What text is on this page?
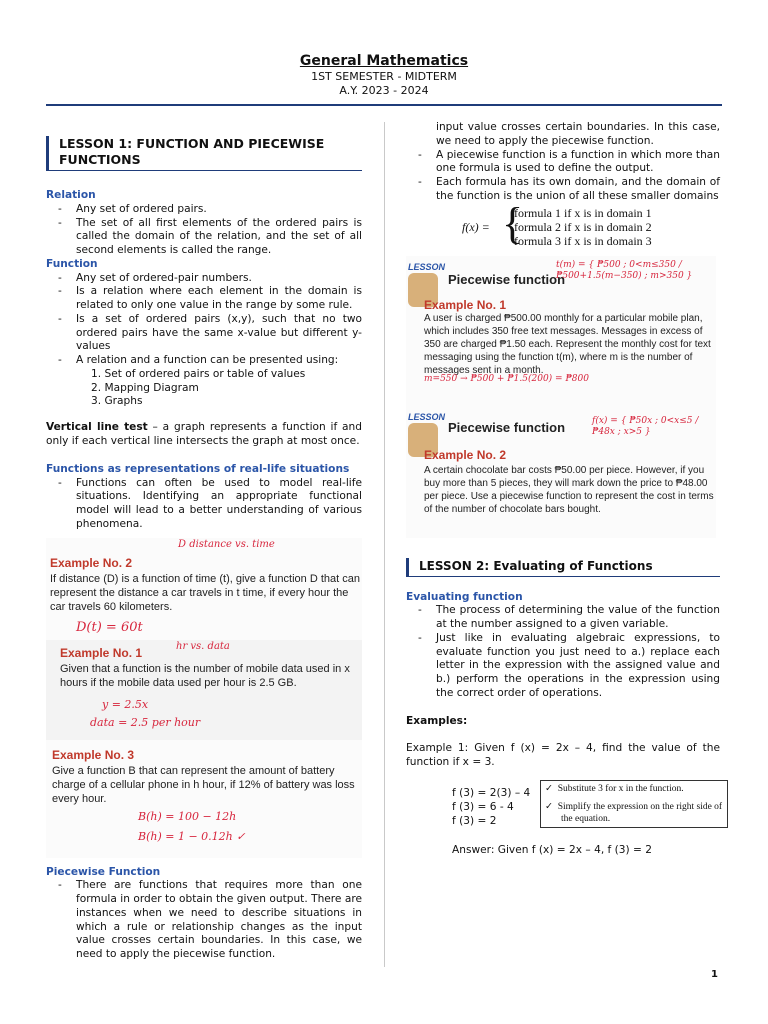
General Mathematics
1ST SEMESTER - MIDTERM
A.Y. 2023 - 2024
LESSON 1: FUNCTION AND PIECEWISE FUNCTIONS
Relation
- Any set of ordered pairs.
- The set of all first elements of the ordered pairs is called the domain of the relation, and the set of all second elements is called the range.
Function
- Any set of ordered-pair numbers.
- Is a relation where each element in the domain is related to only one value in the range by some rule.
- Is a set of ordered pairs (x,y), such that no two ordered pairs have the same x-value but different y-values
- A relation and a function can be presented using:
1. Set of ordered pairs or table of values
2. Mapping Diagram
3. Graphs

Vertical line test – a graph represents a function if and only if each vertical line intersects the graph at most once.

Functions as representations of real-life situations
- Functions can often be used to model real-life situations. Identifying an appropriate functional model will lead to a better understanding of various phenomena.
Example No. 2
D distance vs. time
If distance (D) is a function of time (t), give a function D that can represent the distance a car travels in t time, if every hour the car travels 60 kilometers.
D(t) = 60t
Example No. 1	hr vs. data
Given that a function is the number of mobile data used in x hours if the mobile data used per hour is 2.5 GB.
y = 2.5x
data = 2.5 per hour
Example No. 3
Give a function B that can represent the amount of battery charge of a cellular phone in h hour, if 12% of battery was loss every hour.
B(h) = 100 − 12h
B(h) = 1 − 0.12h ✓
Piecewise Function
- There are functions that requires more than one formula in order to obtain the given output. There are instances when we need to describe situations in which a rule or relationship changes as the input value crosses certain boundaries. In this case, we need to apply the piecewise function.
input value crosses certain boundaries. In this case, we need to apply the piecewise function.
- A piecewise function is a function in which more than one formula is used to define the output.
- Each formula has its own domain, and the domain of the function is the union of all these smaller domains
f(x) = {
formula 1 if x is in domain 1
formula 2 if x is in domain 2
formula 3 if x is in domain 3
LESSON
Piecewise function
t(m) = { ₱500 ; 0<m≤350 / ₱500+1.5(m−350) ; m>350 }
Example No. 1
A user is charged ₱500.00 monthly for a particular mobile plan, which includes 350 free text messages. Messages in excess of 350 are charged ₱1.50 each. Represent the monthly cost for text messaging using the function t(m), where m is the number of messages sent in a month.
m=550 → ₱500 + ₱1.5(200) = ₱800
LESSON
Piecewise function	f(x) = { ₱50x ; 0<x≤5 / ₱48x ; x>5 }
Example No. 2
A certain chocolate bar costs ₱50.00 per piece. However, if you buy more than 5 pieces, they will mark down the price to ₱48.00 per piece. Use a piecewise function to represent the cost in terms of the number of chocolate bars bought.
LESSON 2: Evaluating of Functions
Evaluating function
- The process of determining the value of the function at the number assigned to a given variable.
- Just like in evaluating algebraic expressions, to evaluate function you just need to a.) replace each letter in the expression with the assigned value and b.) perform the operations in the expression using the correct order of operations.
Examples:

Example 1: Given f (x) = 2x – 4, find the value of the function if x = 3.

f (3) = 2(3) – 4
f (3) = 6 - 4
f (3) = 2
✓  Substitute 3 for x in the function.
✓  Simplify the expression on the right side of the equation.
Answer: Given f (x) = 2x – 4, f (3) = 2
1
